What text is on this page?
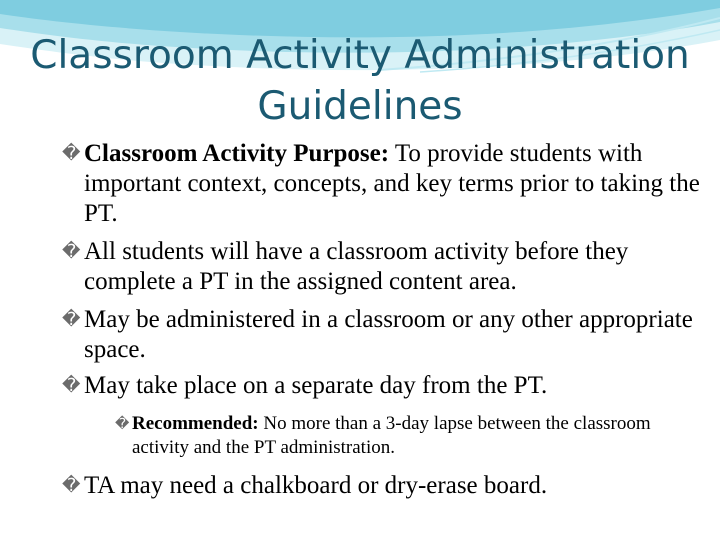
Classroom Activity Administration Guidelines
� Classroom Activity Purpose: To provide students with important context, concepts, and key terms prior to taking the PT.
� All students will have a classroom activity before they complete a PT in the assigned content area.
� May be administered in a classroom or any other appropriate space.
� May take place on a separate day from the PT.
� Recommended: No more than a 3-day lapse between the classroom activity and the PT administration.
� TA may need a chalkboard or dry-erase board.
